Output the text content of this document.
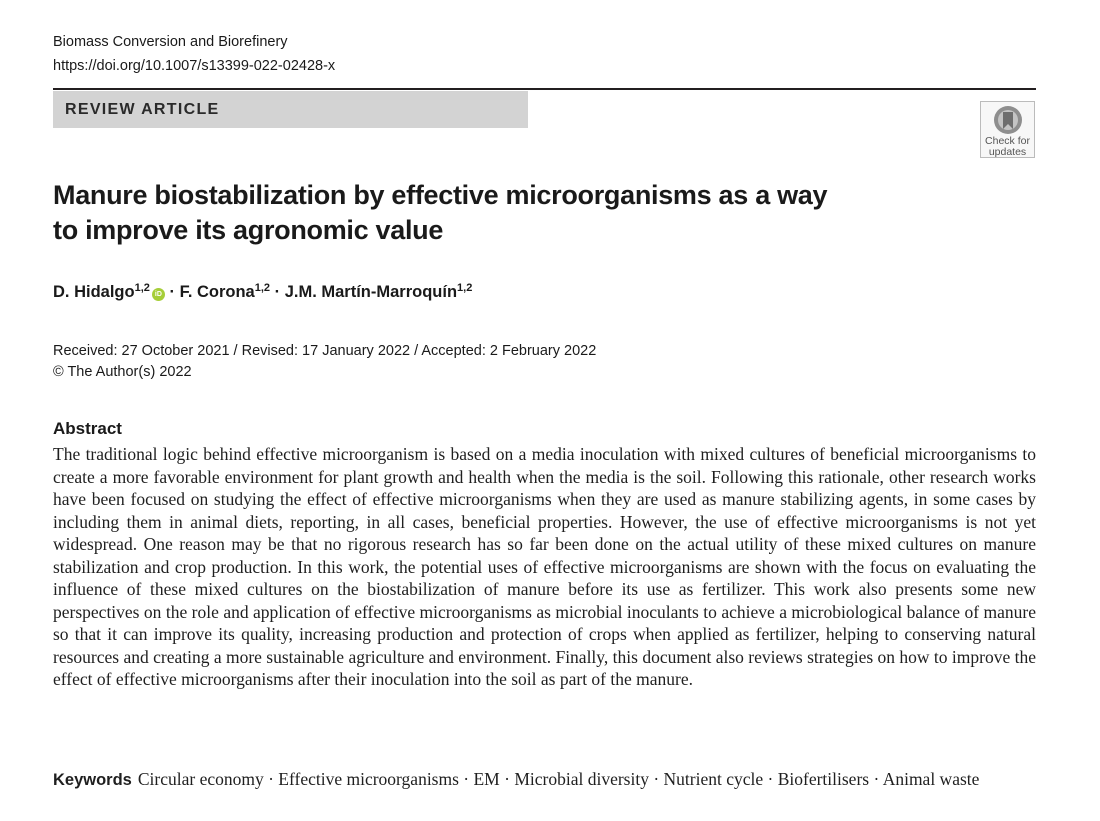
Biomass Conversion and Biorefinery
https://doi.org/10.1007/s13399-022-02428-x
REVIEW ARTICLE
Check for
updates
Manure biostabilization by effective microorganisms as a way
to improve its agronomic value
D. Hidalgo$^{1,2}$iD · F. Corona$^{1,2}$ · J.M. Martín-Marroquín$^{1,2}$
Received: 27 October 2021 / Revised: 17 January 2022 / Accepted: 2 February 2022
© The Author(s) 2022
Abstract

The traditional logic behind effective microorganism is based on a media inoculation with mixed cultures of beneficial microorganisms to create a more favorable environment for plant growth and health when the media is the soil. Following this rationale, other research works have been focused on studying the effect of effective microorganisms when they are used as manure stabilizing agents, in some cases by including them in animal diets, reporting, in all cases, beneficial properties. However, the use of effective microorganisms is not yet widespread. One reason may be that no rigorous research has so far been done on the actual utility of these mixed cultures on manure stabilization and crop production. In this work, the potential uses of effective microorganisms are shown with the focus on evaluating the influence of these mixed cultures on the biostabilization of manure before its use as fertilizer. This work also presents some new perspectives on the role and application of effective microorganisms as microbial inoculants to achieve a microbiological balance of manure so that it can improve its quality, increasing production and protection of crops when applied as fertilizer, helping to conserving natural resources and creating a more sustainable agriculture and environment. Finally, this document also reviews strategies on how to improve the effect of effective microorganisms after their inoculation into the soil as part of the manure.

Keywords Circular economy · Effective microorganisms · EM · Microbial diversity · Nutrient cycle · Biofertilisers · Animal waste
